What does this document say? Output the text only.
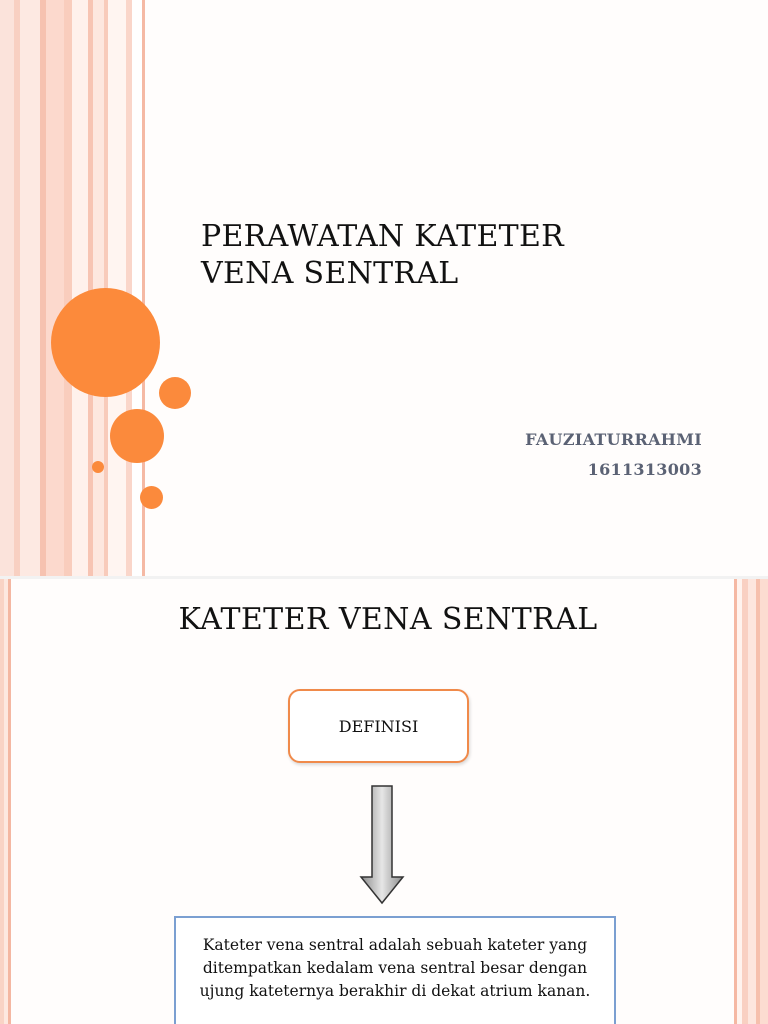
PERAWATAN KATETER
VENA SENTRAL
FAUZIATURRAHMI
1611313003
KATETER VENA SENTRAL
DEFINISI
Kateter vena sentral adalah sebuah kateter yang ditempatkan kedalam vena sentral besar dengan ujung kateternya berakhir di dekat atrium kanan.
